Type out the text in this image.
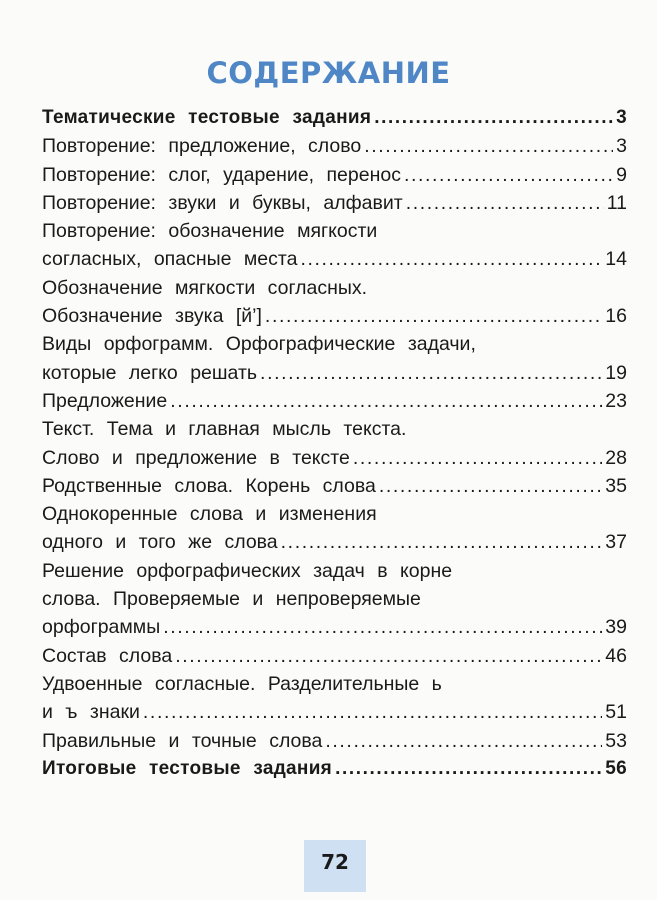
СОДЕРЖАНИЕ
Тематические тестовые задания .....	3
Повторение: предложение, слово .....	3
Повторение: слог, ударение, перенос .....	9
Повторение: звуки и буквы, алфавит .....	11
Повторение: обозначение мягкости
согласных, опасные места .....	14
Обозначение мягкости согласных.
Обозначение звука [й’] .....	16
Виды орфограмм. Орфографические задачи,
которые легко решать .....	19
Предложение .....	23
Текст. Тема и главная мысль текста.
Слово и предложение в тексте .....	28
Родственные слова. Корень слова .....	35
Однокоренные слова и изменения
одного и того же слова .....	37
Решение орфографических задач в корне
слова. Проверяемые и непроверяемые
орфограммы .....	39
Состав слова .....	46
Удвоенные согласные. Разделительные ь
и ъ знаки .....	51
Правильные и точные слова .....	53
Итоговые тестовые задания .....	56
72
